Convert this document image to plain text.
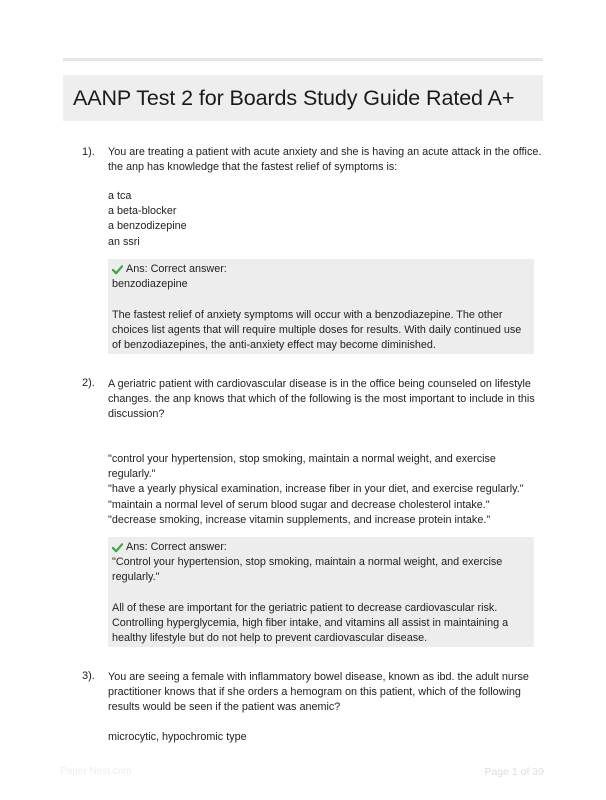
AANP Test 2 for Boards Study Guide Rated A+
1). You are treating a patient with acute anxiety and she is having an acute attack in the office.
the anp has knowledge that the fastest relief of symptoms is:
a tca
a beta-blocker
a benzodizepine
an ssri
Ans: Correct answer:
benzodiazepine
The fastest relief of anxiety symptoms will occur with a benzodiazepine. The other
choices list agents that will require multiple doses for results. With daily continued use
of benzodiazepines, the anti-anxiety effect may become diminished.
2). A geriatric patient with cardiovascular disease is in the office being counseled on lifestyle
changes. the anp knows that which of the following is the most important to include in this
discussion?
"control your hypertension, stop smoking, maintain a normal weight, and exercise
regularly."
"have a yearly physical examination, increase fiber in your diet, and exercise regularly."
"maintain a normal level of serum blood sugar and decrease cholesterol intake."
"decrease smoking, increase vitamin supplements, and increase protein intake."
Ans: Correct answer:
"Control your hypertension, stop smoking, maintain a normal weight, and exercise
regularly."
All of these are important for the geriatric patient to decrease cardiovascular risk.
Controlling hyperglycemia, high fiber intake, and vitamins all assist in maintaining a
healthy lifestyle but do not help to prevent cardiovascular disease.
3). You are seeing a female with inflammatory bowel disease, known as ibd. the adult nurse
practitioner knows that if she orders a hemogram on this patient, which of the following
results would be seen if the patient was anemic?
microcytic, hypochromic type
Paper Nest.com	Page 1 of 39
